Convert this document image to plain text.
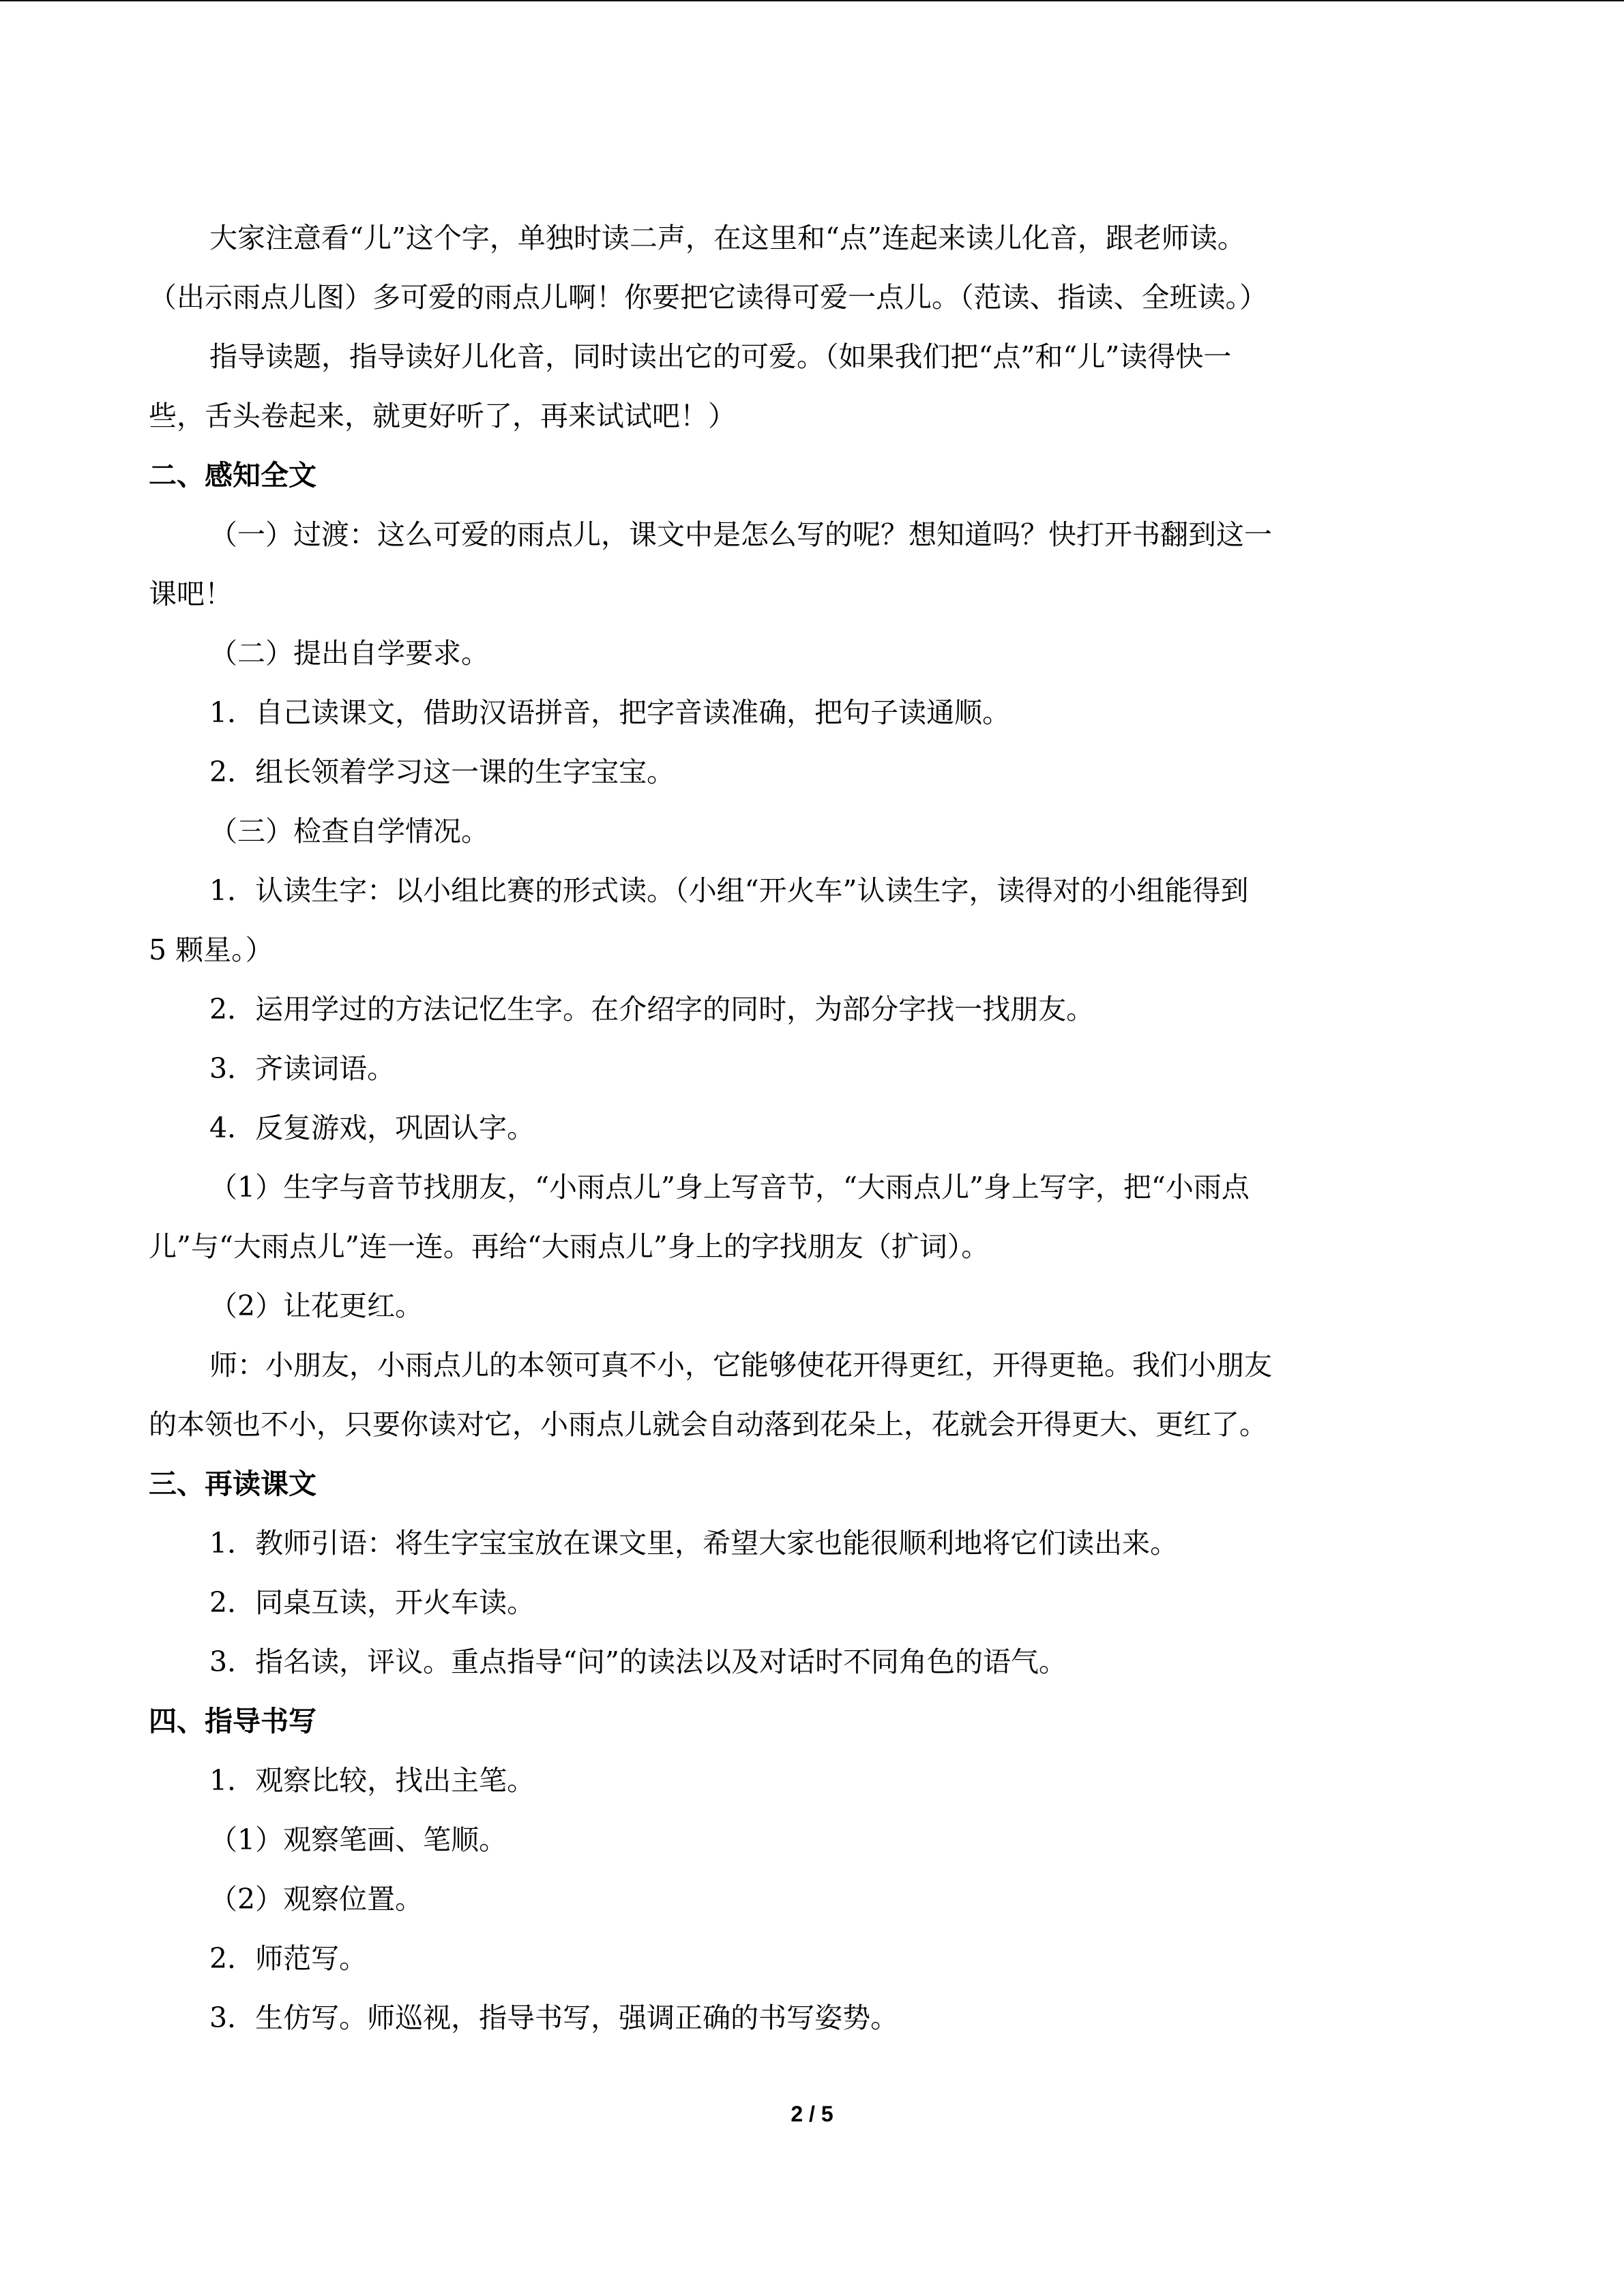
大家注意看“儿”这个字，单独时读二声，在这里和“点”连起来读儿化音，跟老师读。
（出示雨点儿图）多可爱的雨点儿啊！你要把它读得可爱一点儿。（范读、指读、全班读。）
指导读题，指导读好儿化音，同时读出它的可爱。（如果我们把“点”和“儿”读得快一
些，舌头卷起来，就更好听了，再来试试吧！）
二、感知全文
（一）过渡：这么可爱的雨点儿，课文中是怎么写的呢？想知道吗？快打开书翻到这一
课吧！
（二）提出自学要求。
1．自己读课文，借助汉语拼音，把字音读准确，把句子读通顺。
2．组长领着学习这一课的生字宝宝。
（三）检查自学情况。
1．认读生字：以小组比赛的形式读。（小组“开火车”认读生字，读得对的小组能得到
5 颗星。）
2．运用学过的方法记忆生字。在介绍字的同时，为部分字找一找朋友。
3．齐读词语。
4．反复游戏，巩固认字。
（1）生字与音节找朋友，“小雨点儿”身上写音节，“大雨点儿”身上写字，把“小雨点
儿”与“大雨点儿”连一连。再给“大雨点儿”身上的字找朋友（扩词）。
（2）让花更红。
师：小朋友，小雨点儿的本领可真不小，它能够使花开得更红，开得更艳。我们小朋友
的本领也不小，只要你读对它，小雨点儿就会自动落到花朵上，花就会开得更大、更红了。
三、再读课文
1．教师引语：将生字宝宝放在课文里，希望大家也能很顺利地将它们读出来。
2．同桌互读，开火车读。
3．指名读，评议。重点指导“问”的读法以及对话时不同角色的语气。
四、指导书写
1．观察比较，找出主笔。
（1）观察笔画、笔顺。
（2）观察位置。
2．师范写。
3．生仿写。师巡视，指导书写，强调正确的书写姿势。
2 / 5
